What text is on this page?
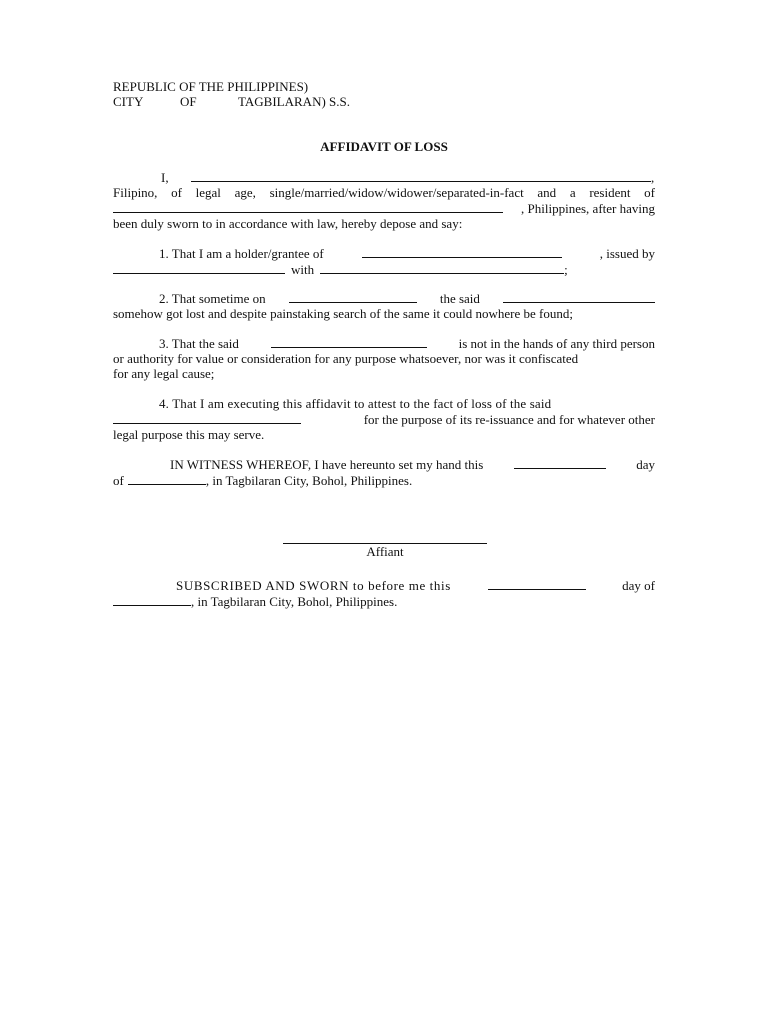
REPUBLIC OF THE PHILIPPINES)
CITY	OF	TAGBILARAN) S.S.
AFFIDAVIT OF LOSS
I,	,
Filipino, of legal age, single/married/widow/widower/separated-in-fact and a resident of
, Philippines, after having
been duly sworn to in accordance with law, hereby depose and say:
1. That I am a holder/grantee of	, issued by
with	;
2. That sometime on	the said
somehow got lost and despite painstaking search of the same it could nowhere be found;
3. That the said	is not in the hands of any third person
or authority for value or consideration for any purpose whatsoever, nor was it confiscated
for any legal cause;
4. That I am executing this affidavit to attest to the fact of loss of the said
for the purpose of its re-issuance and for whatever other
legal purpose this may serve.
IN WITNESS WHEREOF, I have hereunto set my hand this	day
of	, in Tagbilaran City, Bohol, Philippines.
Affiant
SUBSCRIBED AND SWORN to before me this	day of
, in Tagbilaran City, Bohol, Philippines.
